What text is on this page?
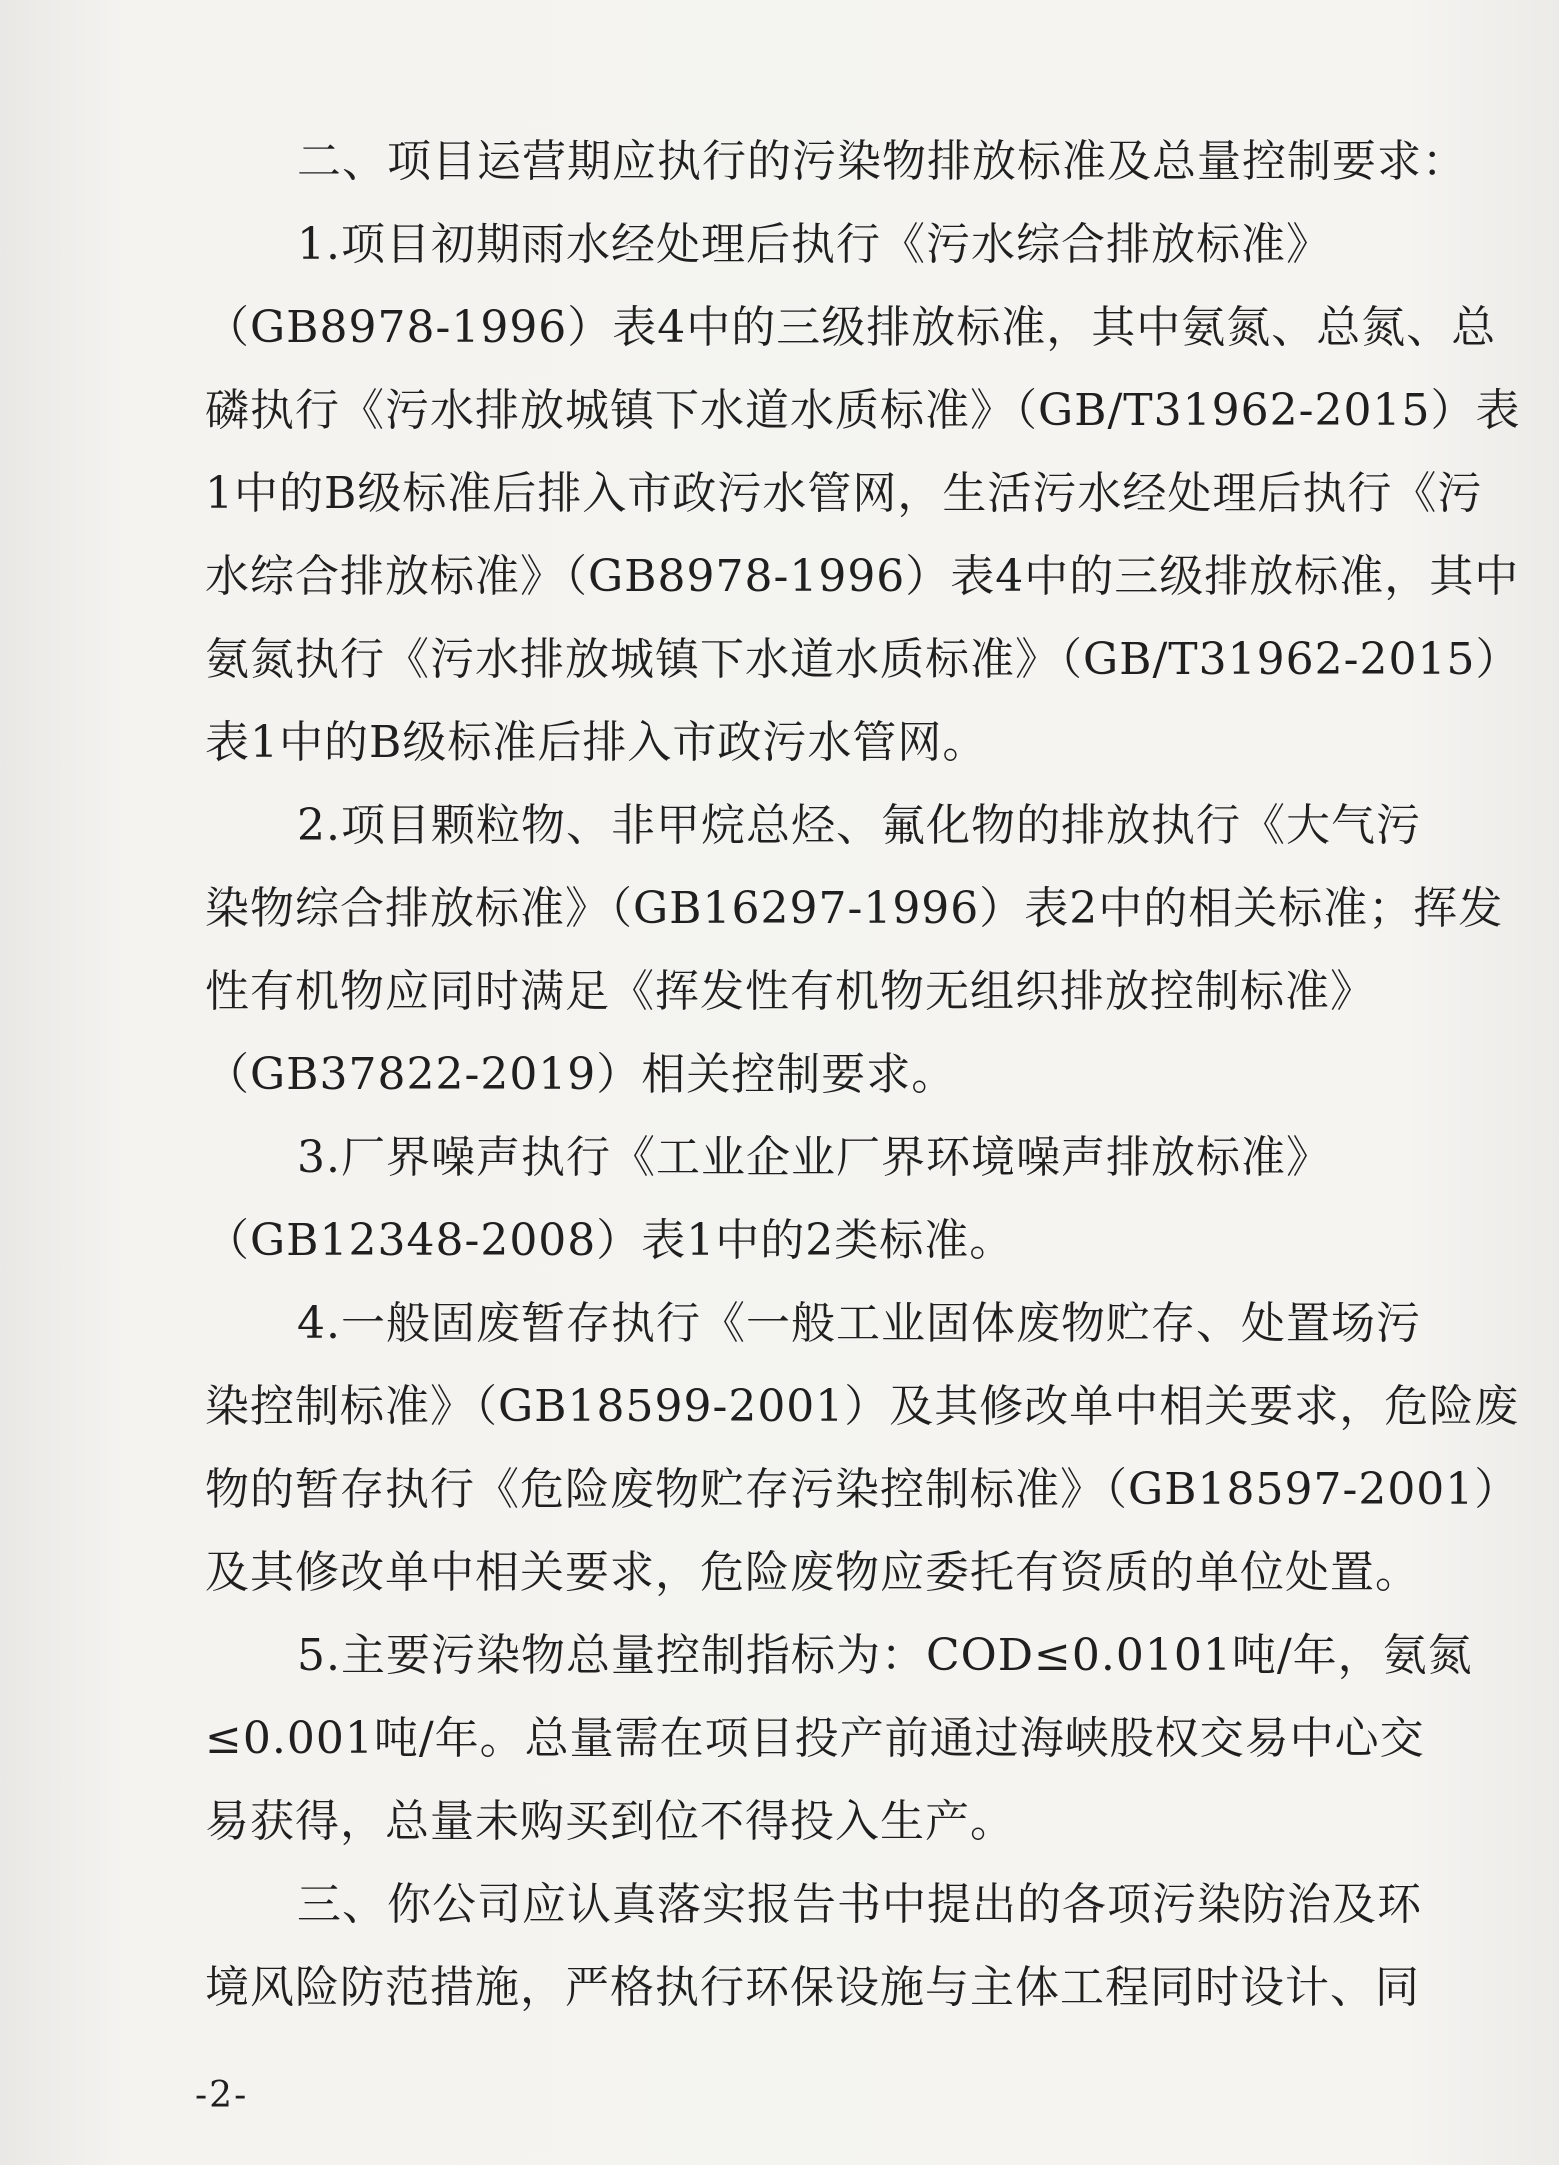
二、项目运营期应执行的污染物排放标准及总量控制要求：
1.项目初期雨水经处理后执行《污水综合排放标准》
（GB8978-1996）表4中的三级排放标准，其中氨氮、总氮、总
磷执行《污水排放城镇下水道水质标准》（GB/T31962-2015）表
1中的B级标准后排入市政污水管网，生活污水经处理后执行《污
水综合排放标准》（GB8978-1996）表4中的三级排放标准，其中
氨氮执行《污水排放城镇下水道水质标准》（GB/T31962-2015）
表1中的B级标准后排入市政污水管网。
2.项目颗粒物、非甲烷总烃、氟化物的排放执行《大气污
染物综合排放标准》（GB16297-1996）表2中的相关标准；挥发
性有机物应同时满足《挥发性有机物无组织排放控制标准》
（GB37822-2019）相关控制要求。
3.厂界噪声执行《工业企业厂界环境噪声排放标准》
（GB12348-2008）表1中的2类标准。
4.一般固废暂存执行《一般工业固体废物贮存、处置场污
染控制标准》（GB18599-2001）及其修改单中相关要求，危险废
物的暂存执行《危险废物贮存污染控制标准》（GB18597-2001）
及其修改单中相关要求，危险废物应委托有资质的单位处置。
5.主要污染物总量控制指标为：COD≤0.0101吨/年，氨氮
≤0.001吨/年。总量需在项目投产前通过海峡股权交易中心交
易获得，总量未购买到位不得投入生产。
三、你公司应认真落实报告书中提出的各项污染防治及环
境风险防范措施，严格执行环保设施与主体工程同时设计、同
-2-
